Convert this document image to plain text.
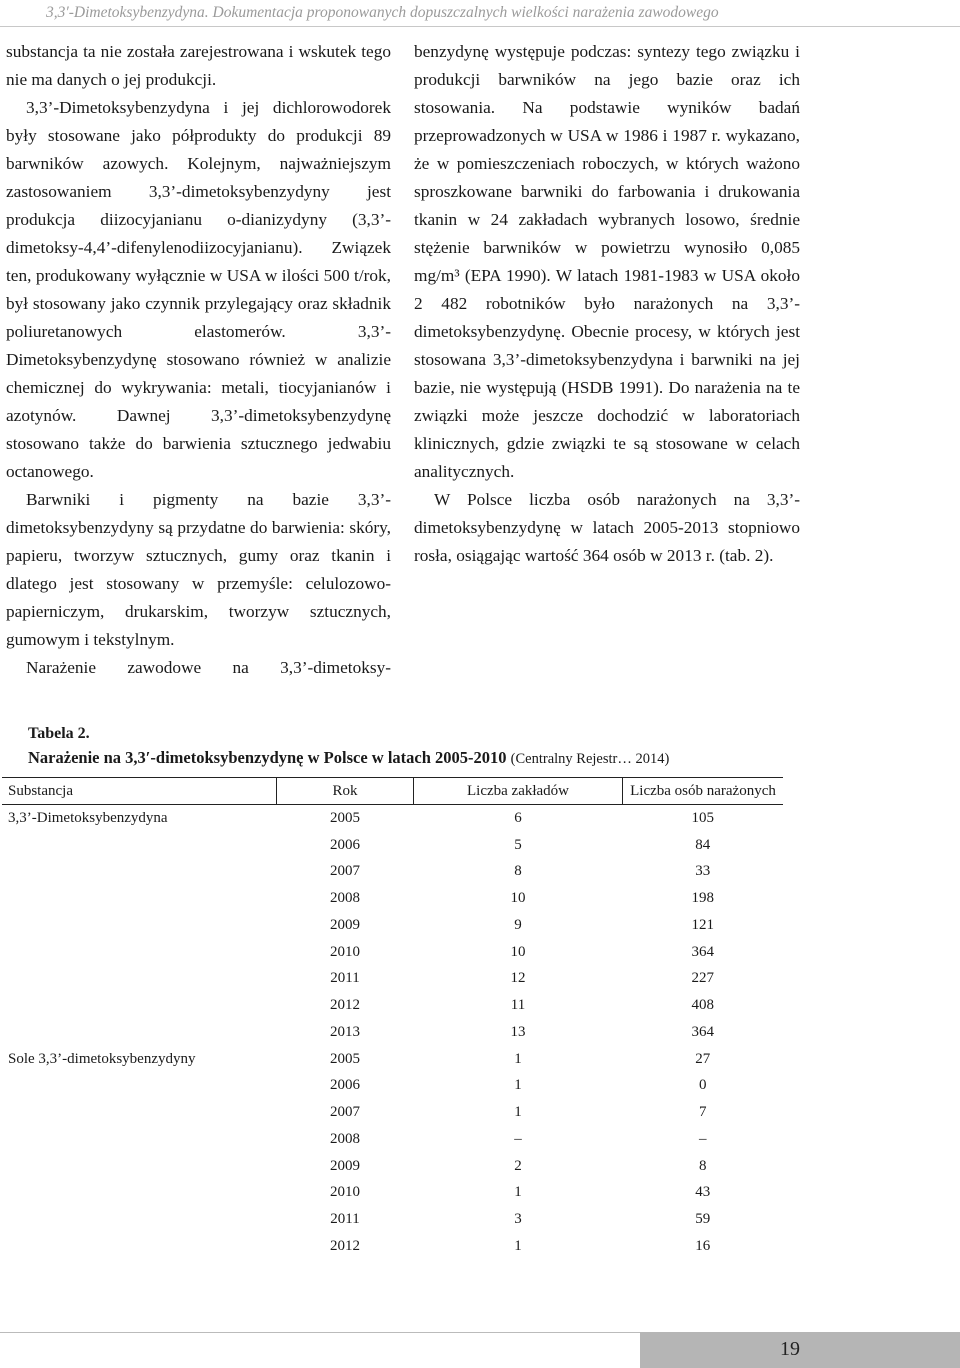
3,3′-Dimetoksybenzydyna. Dokumentacja proponowanych dopuszczalnych wielkości narażenia zawodowego

substancja ta nie została zarejestrowana i wskutek tego nie ma danych o jej produkcji.

3,3’-Dimetoksybenzydyna i jej dichlorowodorek były stosowane jako półprodukty do produkcji 89 barwników azowych. Kolejnym, najważniejszym zastosowaniem 3,3’-dimetoksybenzydyny jest produkcja diizocyjanianu o-dianizydyny (3,3’-dimetoksy-4,4’-difenylenodiizocyjanianu). Związek ten, produkowany wyłącznie w USA w ilości 500 t/rok, był stosowany jako czynnik przylegający oraz składnik poliuretanowych elastomerów. 3,3’- Dimetoksybenzydynę stosowano również w analizie chemicznej do wykrywania: metali, tiocyjanianów i azotynów. Dawnej 3,3’-dimetoksybenzydynę stosowano także do barwienia sztucznego jedwabiu octanowego.

Barwniki i pigmenty na bazie 3,3’-dimetoksybenzydyny są przydatne do barwienia: skóry, papieru, tworzyw sztucznych, gumy oraz tkanin i dlatego jest stosowany w przemyśle: celulozowo-papierniczym, drukarskim, tworzyw sztucznych, gumowym i tekstylnym.

Narażenie zawodowe na 3,3’-dimetoksy-

benzydynę występuje podczas: syntezy tego związku i produkcji barwników na jego bazie oraz ich stosowania. Na podstawie wyników badań przeprowadzonych w USA w 1986 i 1987 r. wykazano, że w pomieszczeniach roboczych, w których ważono sproszkowane barwniki do farbowania i drukowania tkanin w 24 zakładach wybranych losowo, średnie stężenie barwników w powietrzu wynosiło 0,085 mg/m³ (EPA 1990). W latach 1981-1983 w USA około 2 482 robotników było narażonych na 3,3’-dimetoksybenzydynę. Obecnie procesy, w których jest stosowana 3,3’-dimetoksybenzydyna i barwniki na jej bazie, nie występują (HSDB 1991). Do narażenia na te związki może jeszcze dochodzić w laboratoriach klinicznych, gdzie związki te są stosowane w celach analitycznych.

W Polsce liczba osób narażonych na 3,3’-dimetoksybenzydynę w latach 2005-2013 stopniowo rosła, osiągając wartość 364 osób w 2013 r. (tab. 2).

Tabela 2.
Narażenie na 3,3′-dimetoksybenzydynę w Polsce w latach 2005-2010 (Centralny Rejestr… 2014)
Substancja	Rok	Liczba zakładów	Liczba osób narażonych
3,3’-Dimetoksybenzydyna	2005	6	105
	2006	5	84
	2007	8	33
	2008	10	198
	2009	9	121
	2010	10	364
	2011	12	227
	2012	11	408
	2013	13	364
Sole 3,3’-dimetoksybenzydyny	2005	1	27
	2006	1	0
	2007	1	7
	2008	–	–
	2009	2	8
	2010	1	43
	2011	3	59
	2012	1	16
19
